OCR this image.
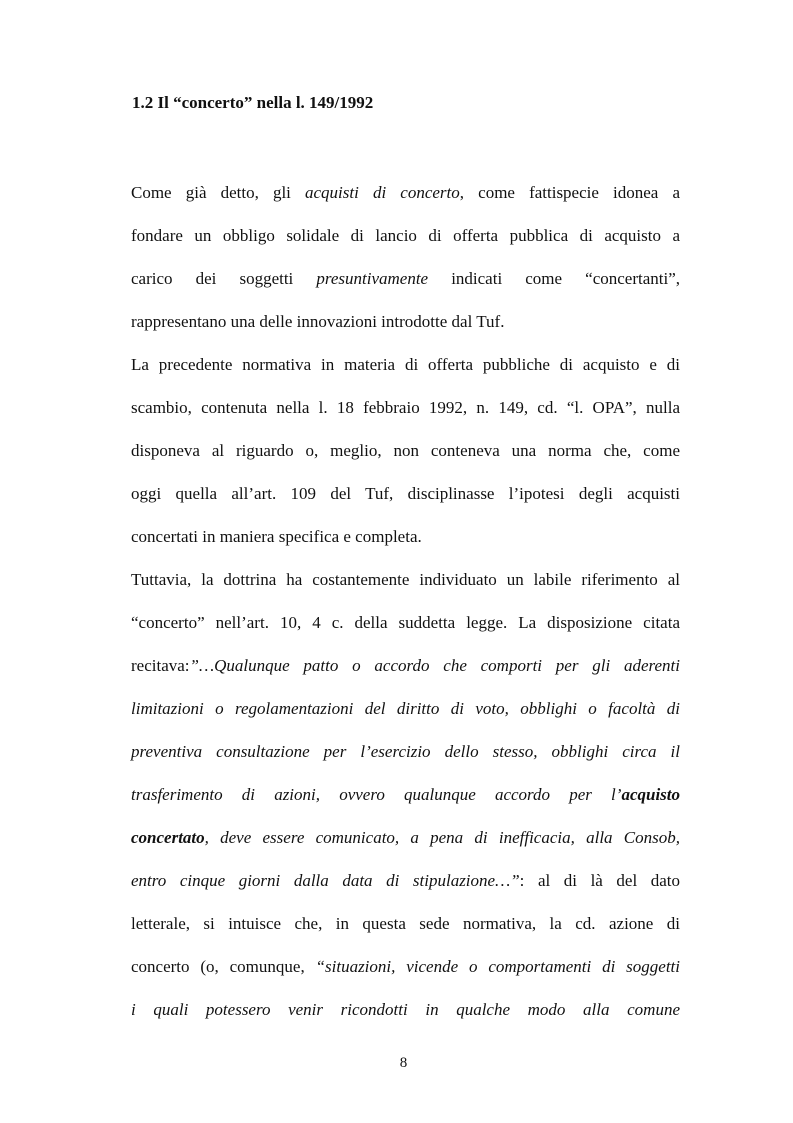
1.2 Il “concerto” nella l. 149/1992
Come già detto, gli acquisti di concerto, come fattispecie idonea a
fondare un obbligo solidale di lancio di offerta pubblica di acquisto a
carico dei soggetti presuntivamente indicati come “concertanti”,
rappresentano una delle innovazioni introdotte dal Tuf.
La precedente normativa in materia di offerta pubbliche di acquisto e di
scambio, contenuta nella l. 18 febbraio 1992, n. 149, cd. “l. OPA”, nulla
disponeva al riguardo o, meglio, non conteneva una norma che, come
oggi quella all’art. 109 del Tuf, disciplinasse l’ipotesi degli acquisti
concertati in maniera specifica e completa.
Tuttavia, la dottrina ha costantemente individuato un labile riferimento al
“concerto” nell’art. 10, 4 c. della suddetta legge. La disposizione citata
recitava:”…Qualunque patto o accordo che comporti per gli aderenti
limitazioni o regolamentazioni del diritto di voto, obblighi o facoltà di
preventiva consultazione per l’esercizio dello stesso, obblighi circa il
trasferimento di azioni, ovvero qualunque accordo per l’acquisto
concertato, deve essere comunicato, a pena di inefficacia, alla Consob,
entro cinque giorni dalla data di stipulazione…”: al di là del dato
letterale, si intuisce che, in questa sede normativa, la cd. azione di
concerto (o, comunque, “situazioni, vicende o comportamenti di soggetti
i quali potessero venir ricondotti in qualche modo alla comune
8
